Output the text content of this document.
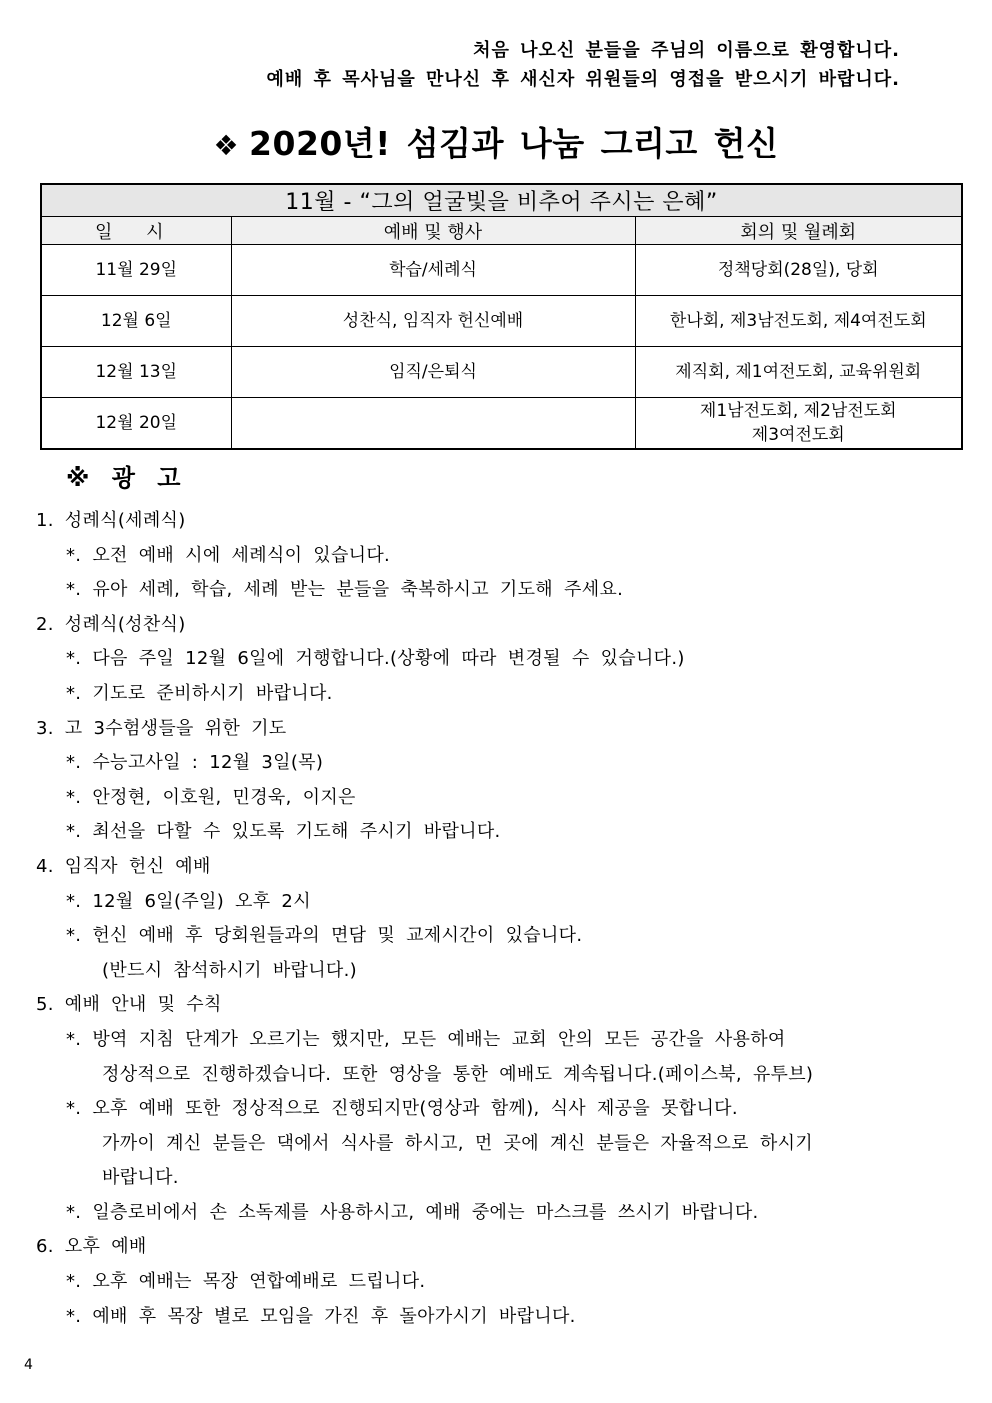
처음 나오신 분들을 주님의 이름으로 환영합니다.
예배 후 목사님을 만나신 후 새신자 위원들의 영접을 받으시기 바랍니다.
❖ 2020년! 섬김과 나눔 그리고 헌신
11월 - “그의 얼굴빛을 비추어 주시는 은혜”		
일 시	예배 및 행사	회의 및 월례회
11월 29일	학습/세례식	정책당회(28일), 당회

12월 6일	성찬식, 임직자 헌신예배	한나회, 제3남전도회, 제4여전도회

12월 13일	임직/은퇴식	제직회, 제1여전도회, 교육위원회

12월 20일		제1남전도회, 제2남전도회
제3여전도회
※ 광 고
1. 성례식(세례식)
*. 오전 예배 시에 세례식이 있습니다.
*. 유아 세례, 학습, 세례 받는 분들을 축복하시고 기도해 주세요.
2. 성례식(성찬식)
*. 다음 주일 12월 6일에 거행합니다.(상황에 따라 변경될 수 있습니다.)
*. 기도로 준비하시기 바랍니다.
3. 고 3수험생들을 위한 기도
*. 수능고사일 : 12월 3일(목)
*. 안정현, 이호원, 민경욱, 이지은
*. 최선을 다할 수 있도록 기도해 주시기 바랍니다.
4. 임직자 헌신 예배
*. 12월 6일(주일) 오후 2시
*. 헌신 예배 후 당회원들과의 면담 및 교제시간이 있습니다.
(반드시 참석하시기 바랍니다.)
5. 예배 안내 및 수칙
*. 방역 지침 단계가 오르기는 했지만, 모든 예배는 교회 안의 모든 공간을 사용하여
정상적으로 진행하겠습니다. 또한 영상을 통한 예배도 계속됩니다.(페이스북, 유투브)
*. 오후 예배 또한 정상적으로 진행되지만(영상과 함께), 식사 제공을 못합니다.
가까이 계신 분들은 댁에서 식사를 하시고, 먼 곳에 계신 분들은 자율적으로 하시기
바랍니다.
*. 일층로비에서 손 소독제를 사용하시고, 예배 중에는 마스크를 쓰시기 바랍니다.
6. 오후 예배
*. 오후 예배는 목장 연합예배로 드립니다.
*. 예배 후 목장 별로 모임을 가진 후 돌아가시기 바랍니다.
4
